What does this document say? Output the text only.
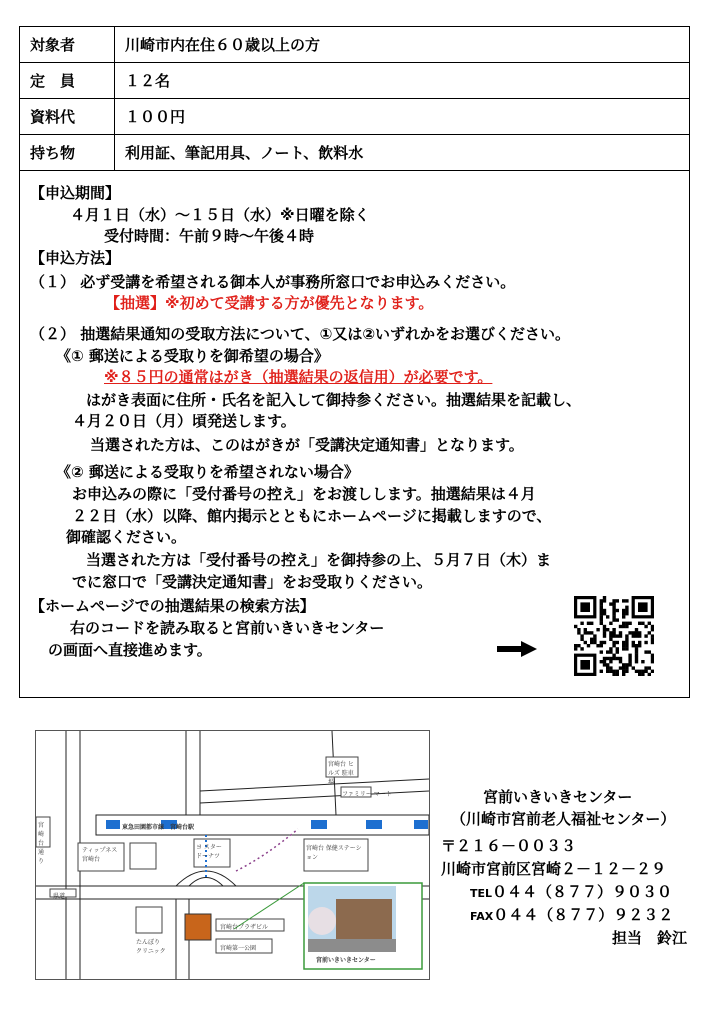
対象者	川崎市内在住６０歳以上の方
定　員	１２名
資料代	１００円
持ち物	利用証、筆記用具、ノート、飲料水
【申込期間】
４月１日（水）～１５日（水）※日曜を除く
受付時間：午前９時～午後４時
【申込方法】
（１） 必ず受講を希望される御本人が事務所窓口でお申込みください。
【抽選】※初めて受講する方が優先となります。
（２） 抽選結果通知の受取方法について、①又は②いずれかをお選びください。
《① 郵送による受取りを御希望の場合》
※８５円の通常はがき（抽選結果の返信用）が必要です。
はがき表面に住所・氏名を記入して御持参ください。抽選結果を記載し、
４月２０日（月）頃発送します。
当選された方は、このはがきが「受講決定通知書」となります。
《② 郵送による受取りを希望されない場合》
お申込みの際に「受付番号の控え」をお渡しします。抽選結果は４月
２２日（水）以降、館内掲示とともにホームページに掲載しますので、
御確認ください。
当選された方は「受付番号の控え」を御持参の上、５月７日（木）ま
でに窓口で「受講決定通知書」をお受取りください。
【ホームページでの抽選結果の検索方法】
右のコードを読み取ると宮前いきいきセンター
の画面へ直接進めます。
東急田園都市線　宮崎台駅
ティップネス 宮崎台
ヨ スター ドーナツ
宮崎台 保健ステーション
宮崎台プラザビル
たんぽり クリニック	宮崎第一公園
宮前いきいきセンター
宮崎台 ヒルズ 駐車場
ファミリー マート
宮崎台通り
県道
宮前いきいきセンター
（川崎市宮前老人福祉センター）
〒２１６－００３３
川崎市宮前区宮崎２－１２－２９
TEL０４４（８７７）９０３０
FAX０４４（８７７）９２３２
担当　鈴江
